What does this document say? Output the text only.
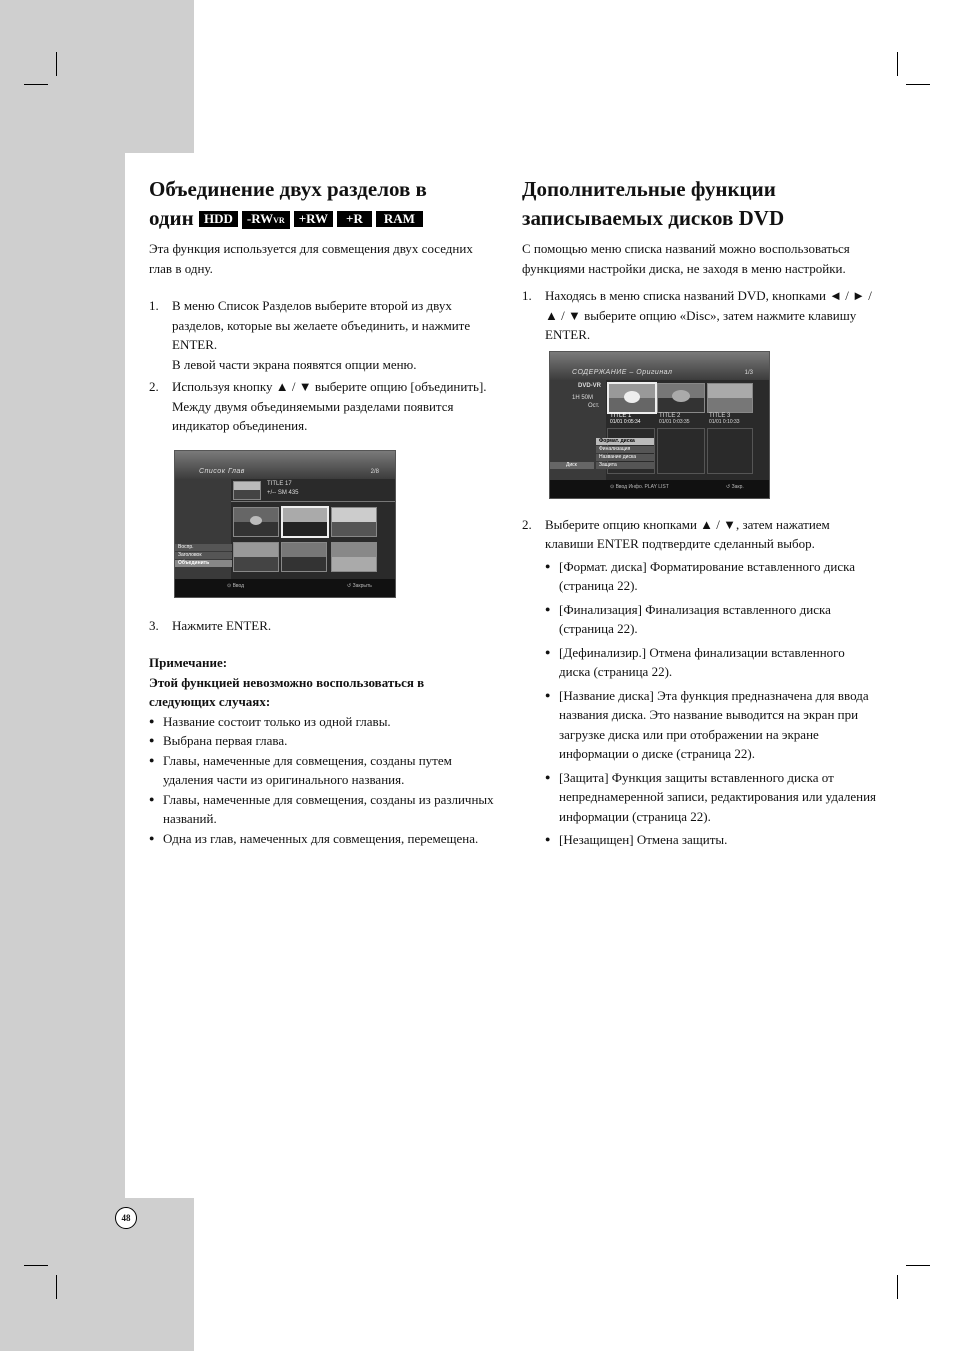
Объединение двух разделов в
один HDD -RWVR +RW +R RAM

Эта функция используется для совмещения двух соседних глав в одну.

1. В меню Список Разделов выберите второй из двух разделов, которые вы желаете объединить, и нажмите ENTER.
В левой части экрана появятся опции меню.
2. Используя кнопку ▲ / ▼ выберите опцию [объединить]. Между двумя объединяемыми разделами появится индикатор объединения.
Список Глав	2/8
TITLE 17
+/-- SM 435
Воспр.
Заголовок
Объединить
⊙ Ввод	↺ Закрыть
3. Нажмите ENTER.
Примечание:
Этой функцией невозможно воспользоваться в следующих случаях:
● Название состоит только из одной главы.
● Выбрана первая глава.
● Главы, намеченные для совмещения, созданы путем удаления части из оригинального названия.
● Главы, намеченные для совмещения, созданы из различных названий.
● Одна из глав, намеченных для совмещения, перемещена.
Дополнительные функции
записываемых дисков DVD

С помощью меню списка названий можно воспользоваться функциями настройки диска, не заходя в меню настройки.

1. Находясь в меню списка названий DVD, кнопками ◄ / ► / ▲ / ▼ выберите опцию «Disc», затем нажмите клавишу ENTER.
СОДЕРЖАНИЕ – Оригинал	1/3
DVD-VR
1H 50M
Ост.
TITLE 1
01/01 0:05:34
TITLE 2
01/01 0:03:35
TITLE 3
01/01 0:10:33
Формат. диска
Финализация
Название диска
Защита
Диск
⊙ Ввод Инфо. PLAY LIST	↺ Закр.
2. Выберите опцию кнопками ▲ / ▼, затем нажатием клавиши ENTER подтвердите сделанный выбор.
● [Формат. диска] Форматирование вставленного диска (страница 22).
● [Финализация] Финализация вставленного диска (страница 22).
● [Дефинализир.] Отмена финализации вставленного диска (страница 22).
● [Название диска] Эта функция предназначена для ввода названия диска. Это название выводится на экран при загрузке диска или при отображении на экране информации о диске (страница 22).
● [Защита] Функция защиты вставленного диска от непреднамеренной записи, редактирования или удаления информации (страница 22).
● [Незащищен] Отмена защиты.
48
